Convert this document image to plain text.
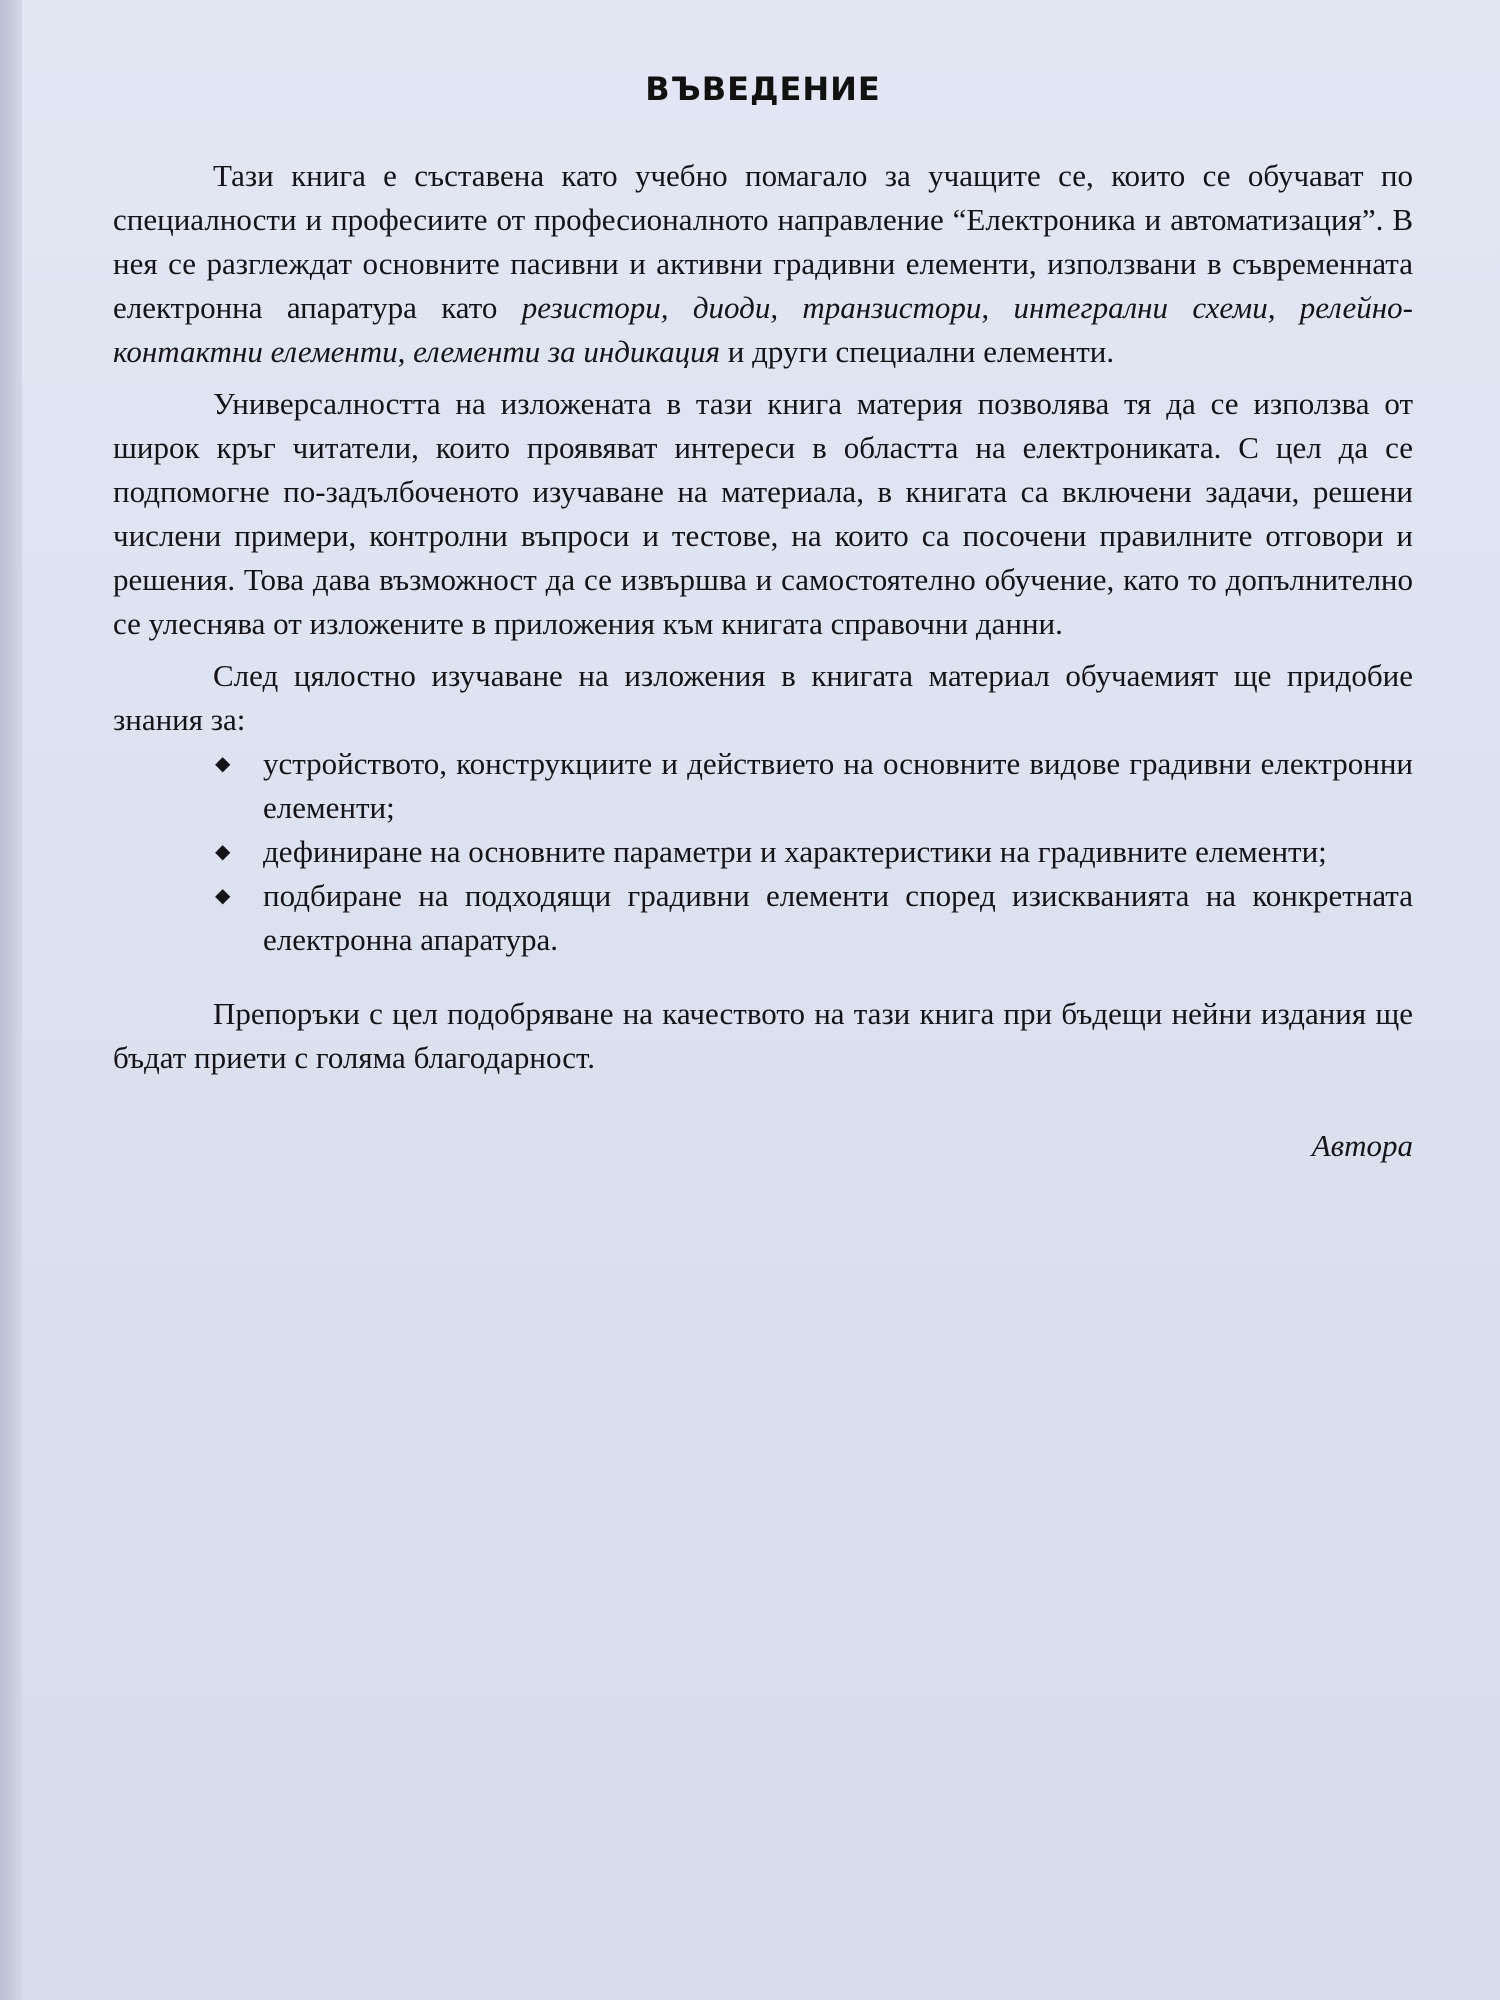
ВЪВЕДЕНИЕ

Тази книга е съставена като учебно помагало за учащите се, които се обучават по специалности и професиите от професионалното направление “Електроника и автоматизация”. В нея се разглеждат основните пасивни и активни градивни елементи, използвани в съвременната електронна апаратура като резистори, диоди, транзистори, интегрални схеми, релейно-контактни елементи, елементи за индикация и други специални елементи.

Универсалността на изложената в тази книга материя позволява тя да се използва от широк кръг читатели, които проявяват интереси в областта на електрониката. С цел да се подпомогне по-задълбоченото изучаване на материала, в книгата са включени задачи, решени числени примери, контролни въпроси и тестове, на които са посочени правилните отговори и решения. Това дава възможност да се извършва и самостоятелно обучение, като то допълнително се улеснява от изложените в приложения към книгата справочни данни.

След цялостно изучаване на изложения в книгата материал обучаемият ще придобие знания за:

◆ устройството, конструкциите и действието на основните видове градивни електронни елементи;
◆ дефиниране на основните параметри и характеристики на градивните елементи;
◆ подбиране на подходящи градивни елементи според изискванията на конкретната електронна апаратура.

Препоръки с цел подобряване на качеството на тази книга при бъдещи нейни издания ще бъдат приети с голяма благодарност.

Автора
